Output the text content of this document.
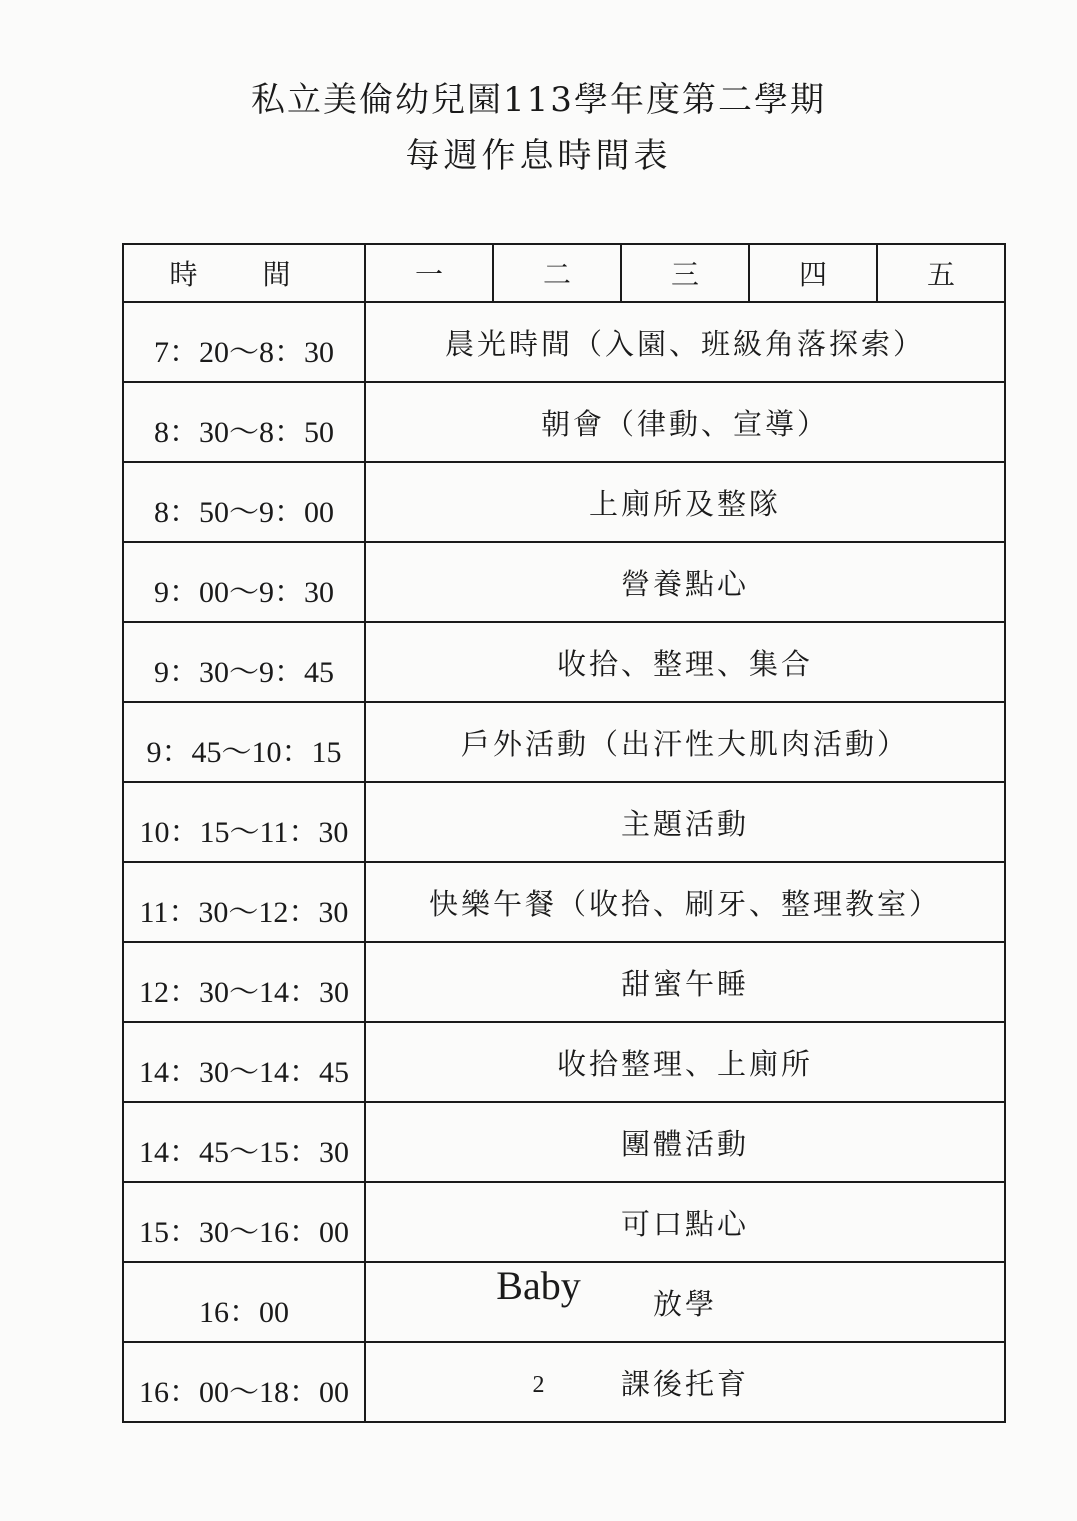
私立美倫幼兒園113學年度第二學期
每週作息時間表
時 間	一	二	三	四	五
7：20～8：30	晨光時間（入園、班級角落探索）				
8：30～8：50	朝會（律動、宣導）				
8：50～9：00	上廁所及整隊				
9：00～9：30	營養點心				
9：30～9：45	收拾、整理、集合				
9：45～10：15	戶外活動（出汗性大肌肉活動）				
10：15～11：30	主題活動				
11：30～12：30	快樂午餐（收拾、刷牙、整理教室）				
12：30～14：30	甜蜜午睡				
14：30～14：45	收拾整理、上廁所				
14：45～15：30	團體活動				
15：30～16：00	可口點心				
16：00	放學				
16：00～18：00	課後托育				
Baby
2
